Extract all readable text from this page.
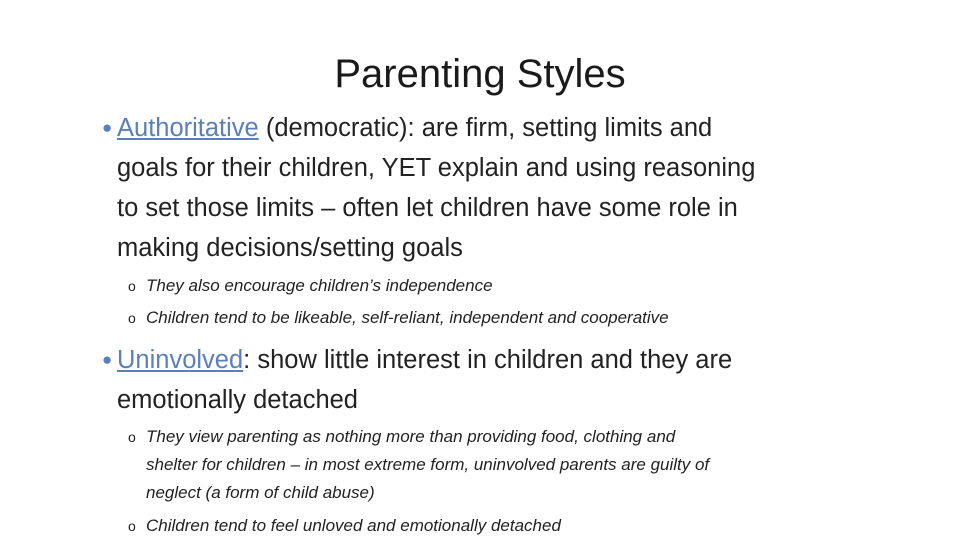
Parenting Styles
● Authoritative (democratic): are firm, setting limits and
goals for their children, YET explain and using reasoning
to set those limits – often let children have some role in
making decisions/setting goals
o They also encourage children’s independence
o Children tend to be likeable, self-reliant, independent and cooperative
● Uninvolved: show little interest in children and they are
emotionally detached
o They view parenting as nothing more than providing food, clothing and
shelter for children – in most extreme form, uninvolved parents are guilty of
neglect (a form of child abuse)
o Children tend to feel unloved and emotionally detached
